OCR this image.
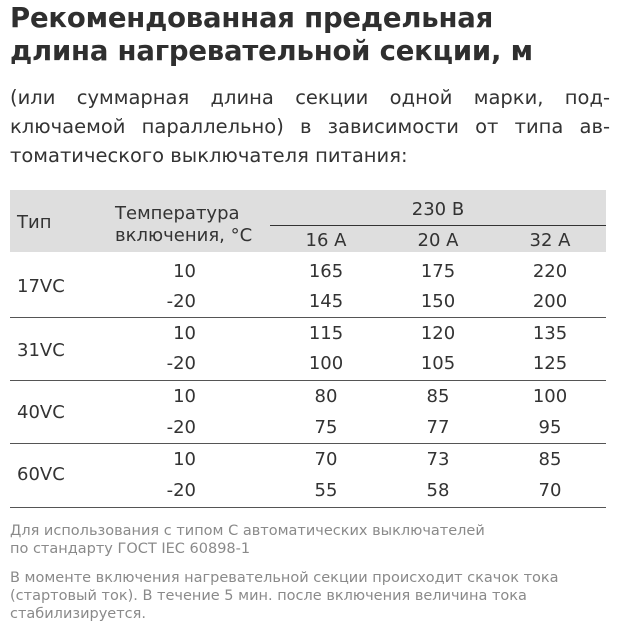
Рекомендованная предельная
длина нагревательной секции, м
(или суммарная длина секции одной марки, под-
ключаемой параллельно) в зависимости от типа ав-
томатического выключателя питания:
Тип	Температура
включения, °С
230 В
16 А	20 А	32 А
17VC
10	165	175	220
-20	145	150	200
31VC
10	115	120	135
-20	100	105	125
40VC
10	80	85	100
-20	75	77	95
60VC
10	70	73	85
-20	55	58	70
Для использования с типом С автоматических выключателей
по стандарту ГОСТ IEC 60898-1
В моменте включения нагревательной секции происходит скачок тока
(стартовый ток). В течение 5 мин. после включения величина тока
стабилизируется.
